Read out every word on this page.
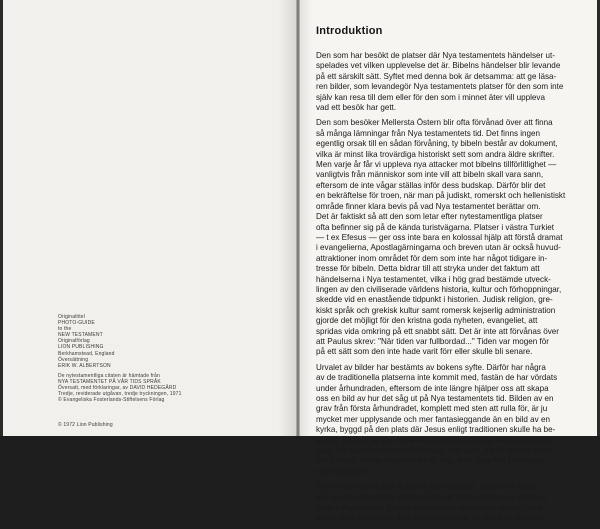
Originaltitel
PHOTO-GUIDE
to the
NEW TESTAMENT
Originalförlag
LION PUBLISHING
Berkhamstead, England
Översättning
ERIK W. ALBERTSON
De nytestamentliga citaten är hämtade från
NYA TESTAMENTET PÅ VÅR TIDS SPRÅK
Översatt, med förklaringar, av DAVID HEDEGÅRD
Tredje, reviderade utgåvan, tredje tryckningen, 1971
© Evangeliska Fosterlands-Stiftelsens Förlag
© 1972 Lion Publishing
Introduktion
Den som har besökt de platser där Nya testamentets händelser ut-
spelades vet vilken upplevelse det är. Bibelns händelser blir levande
på ett särskilt sätt. Syftet med denna bok är detsamma: att ge läsa-
ren bilder, som levandegör Nya testamentets platser för den som inte
själv kan resa till dem eller för den som i minnet äter vill uppleva
vad ett besök har gett.
Den som besöker Mellersta Östern blir ofta förvånad över att finna
så många lämningar från Nya testamentets tid. Det finns ingen
egentlig orsak till en sådan förvåning, ty bibeln består av dokument,
vilka är minst lika trovärdiga historiskt sett som andra äldre skrifter.
Men varje år får vi uppleva nya attacker mot bibelns tillförlitlighet —
vanligtvis från människor som inte vill att bibeln skall vara sann,
eftersom de inte vågar ställas inför dess budskap. Därför blir det
en bekräftelse för troen, när man på judiskt, romerskt och hellenistiskt
område finner klara bevis på vad Nya testamentet berättar om.
Det är faktiskt så att den som letar efter nytestamentliga platser
ofta befinner sig på de kända turistvägarna. Platser i västra Turkiet
— t ex Efesus — ger oss inte bara en kolossal hjälp att förstå dramat
i evangelierna, Apostlagärningarna och breven utan är också huvud-
attraktioner inom området för dem som inte har något tidigare in-
tresse för bibeln. Detta bidrar till att stryka under det faktum att
händelserna i Nya testamentet, vilka i hög grad bestämde utveck-
lingen av den civiliserade världens historia, kultur och förhoppningar,
skedde vid en enastående tidpunkt i historien. Judisk religion, gre-
kiskt språk och grekisk kultur samt romersk kejserlig administration
gjorde det möjligt för den kristna goda nyheten, evangeliet, att
spridas vida omkring på ett snabbt sätt. Det är inte att förvånas över
att Paulus skrev: "När tiden var fullbordad..." Tiden var mogen för
på ett sätt som den inte hade varit förr eller skulle bli senare.
Urvalet av bilder har bestämts av bokens syfte. Därför har några
av de traditionella platserna inte kommit med, fastän de har vördats
under århundraden, eftersom de inte längre hjälper oss att skapa
oss en bild av hur det såg ut på Nya testamentets tid. Bilden av en
grav från första århundradet, komplett med sten att rulla för, är ju
mycket mer upplysande och mer fantasieggande än en bild av en
kyrka, byggd på den plats där Jesus enligt traditionen skulle ha be-
gravts. Ett foto av den romerska stenläggning där Jesus verkligen
stod, när han förhördes inför Pilatus, har valts, därför att det bättre
åskådliggör denna situation än ett foto, som visar Via Dolorosas
olika stationer.
Syftet med denna bok är enkelt och praktiskt. Boken vill hjälpa
oss vanliga människor att förstå bibeln bättre genom att visa oss
dess bakgrund och genom att påminna oss om att bibeln inte är
sagor som man växer ifrån utan skildringar av vad som verkligen
